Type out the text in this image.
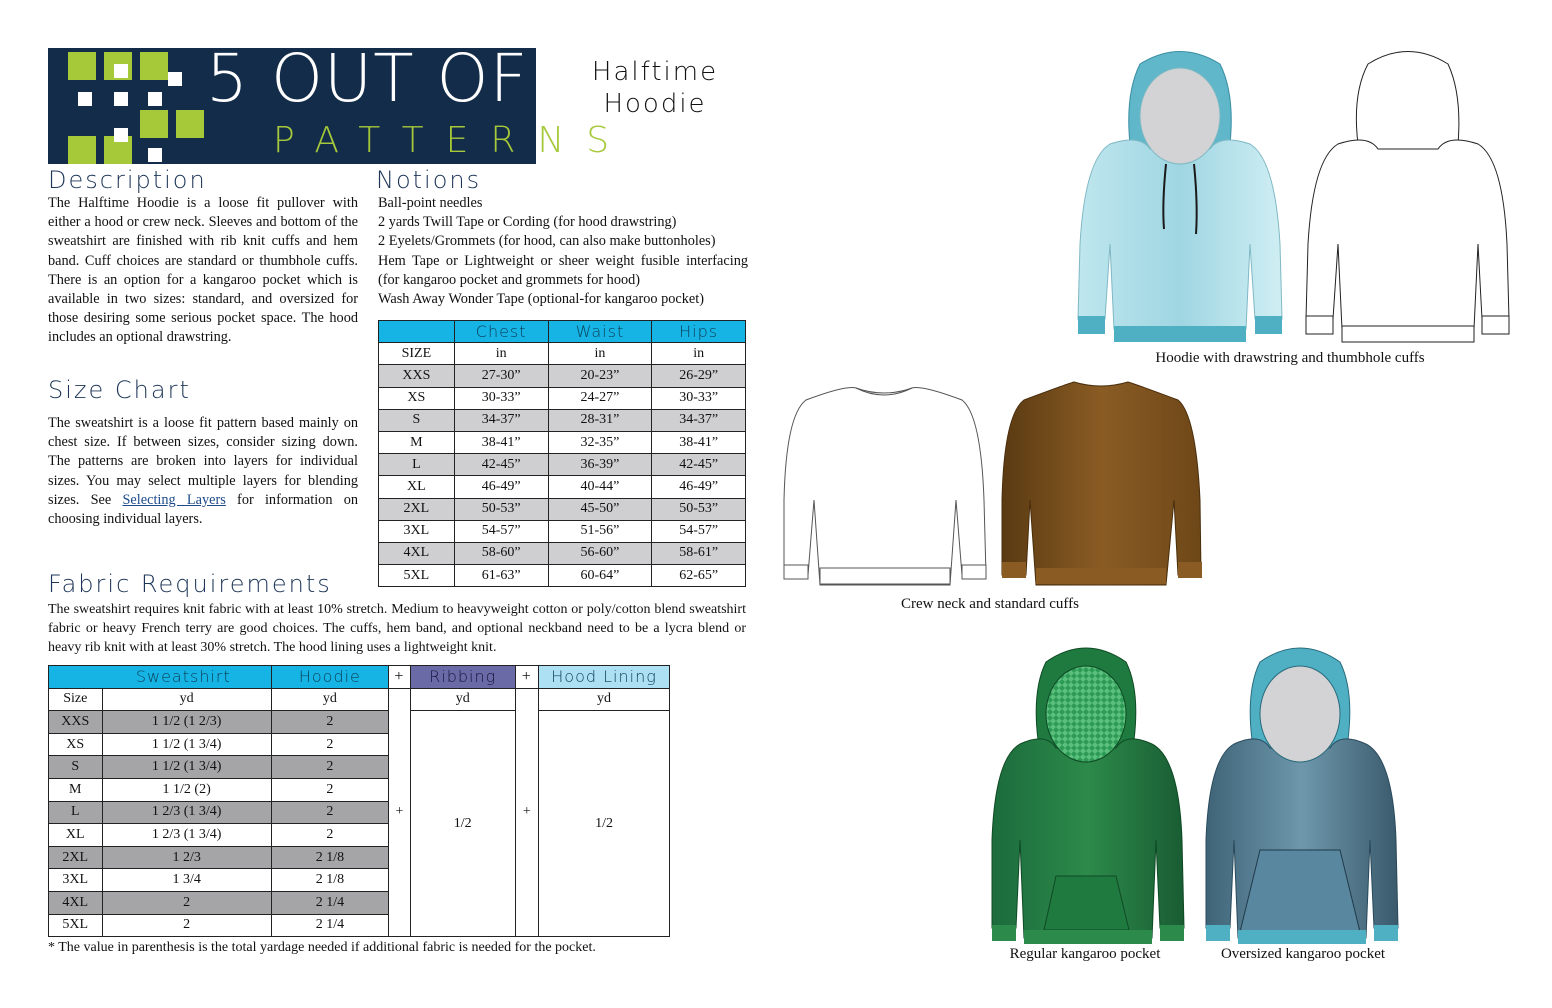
5 OUT OF 4
PATTERNS
Halftime
Hoodie
Description
The Halftime Hoodie is a loose fit pullover with either a hood or crew neck. Sleeves and bottom of the sweatshirt are finished with rib knit cuffs and hem band. Cuff choices are standard or thumbhole cuffs. There is an option for a kangaroo pocket which is available in two sizes: standard, and oversized for those desiring some serious pocket space. The hood includes an optional drawstring.
Size Chart
The sweatshirt is a loose fit pattern based mainly on chest size. If between sizes, consider sizing down. The patterns are broken into layers for individual sizes. You may select multiple layers for blending sizes. See Selecting Layers for information on choosing individual layers.
Notions
Ball-point needles
2 yards Twill Tape or Cording (for hood drawstring)
2 Eyelets/Grommets (for hood, can also make buttonholes)
Hem Tape or Lightweight or sheer weight fusible interfacing (for kangaroo pocket and grommets for hood)
Wash Away Wonder Tape (optional-for kangaroo pocket)
	Chest	Waist	Hips
SIZE	in	in	in
XXS	27-30”	20-23”	26-29”
XS	30-33”	24-27”	30-33”
S	34-37”	28-31”	34-37”
M	38-41”	32-35”	38-41”
L	42-45”	36-39”	42-45”
XL	46-49”	40-44”	46-49”
2XL	50-53”	45-50”	50-53”
3XL	54-57”	51-56”	54-57”
4XL	58-60”	56-60”	58-61”
5XL	61-63”	60-64”	62-65”
Fabric Requirements
The sweatshirt requires knit fabric with at least 10% stretch. Medium to heavyweight cotton or poly/cotton blend sweatshirt fabric or heavy French terry are good choices. The cuffs, hem band, and optional neckband need to be a lycra blend or heavy rib knit with at least 30% stretch. The hood lining uses a lightweight knit.
Sweatshirt		Hoodie	+	Ribbing	+	Hood Lining
Size	yd	yd	+	yd	+	yd
XXS	1 1/2 (1 2/3)	2		1/2		1/2
XS	1 1/2 (1 3/4)	2				
S	1 1/2 (1 3/4)	2				
M	1 1/2 (2)	2				
L	1 2/3 (1 3/4)	2				
XL	1 2/3 (1 3/4)	2				
2XL	1 2/3	2 1/8				
3XL	1 3/4	2 1/8				
4XL	2	2 1/4				
5XL	2	2 1/4				
* The value in parenthesis is the total yardage needed if additional fabric is needed for the pocket.
Hoodie with drawstring and thumbhole cuffs
Crew neck and standard cuffs
Regular kangaroo pocket	Oversized kangaroo pocket
